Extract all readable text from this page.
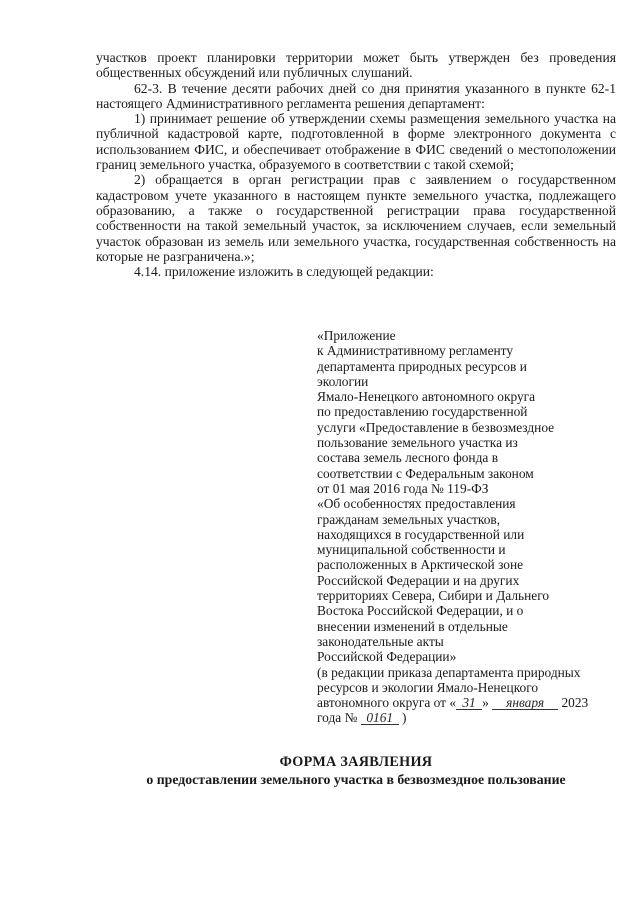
участков проект планировки территории может быть утвержден без проведения общественных обсуждений или публичных слушаний.

62-3. В течение десяти рабочих дней со дня принятия указанного в пункте 62-1 настоящего Административного регламента решения департамент:

1) принимает решение об утверждении схемы размещения земельного участка на публичной кадастровой карте, подготовленной в форме электронного документа с использованием ФИС, и обеспечивает отображение в ФИС сведений о местоположении границ земельного участка, образуемого в соответствии с такой схемой;

2) обращается в орган регистрации прав с заявлением о государственном кадастровом учете указанного в настоящем пункте земельного участка, подлежащего образованию, а также о государственной регистрации права государственной собственности на такой земельный участок, за исключением случаев, если земельный участок образован из земель или земельного участка, государственная собственность на которые не разграничена.»;

4.14. приложение изложить в следующей редакции:

«Приложение
к Административному регламенту
департамента природных ресурсов и
экологии
Ямало-Ненецкого автономного округа
по предоставлению государственной
услуги «Предоставление в безвозмездное
пользование земельного участка из
состава земель лесного фонда в
соответствии с Федеральным законом
от 01 мая 2016 года № 119-ФЗ
«Об особенностях предоставления
гражданам земельных участков,
находящихся в государственной или
муниципальной собственности и
расположенных в Арктической зоне
Российской Федерации и на других
территориях Севера, Сибири и Дальнего
Востока Российской Федерации, и о
внесении изменений в отдельные
законодательные акты
Российской Федерации»
(в редакции приказа департамента природных
ресурсов и экологии Ямало-Ненецкого
автономного округа от « 31 » января 2023
года № 0161 )
ФОРМА ЗАЯВЛЕНИЯ
о предоставлении земельного участка в безвозмездное пользование
